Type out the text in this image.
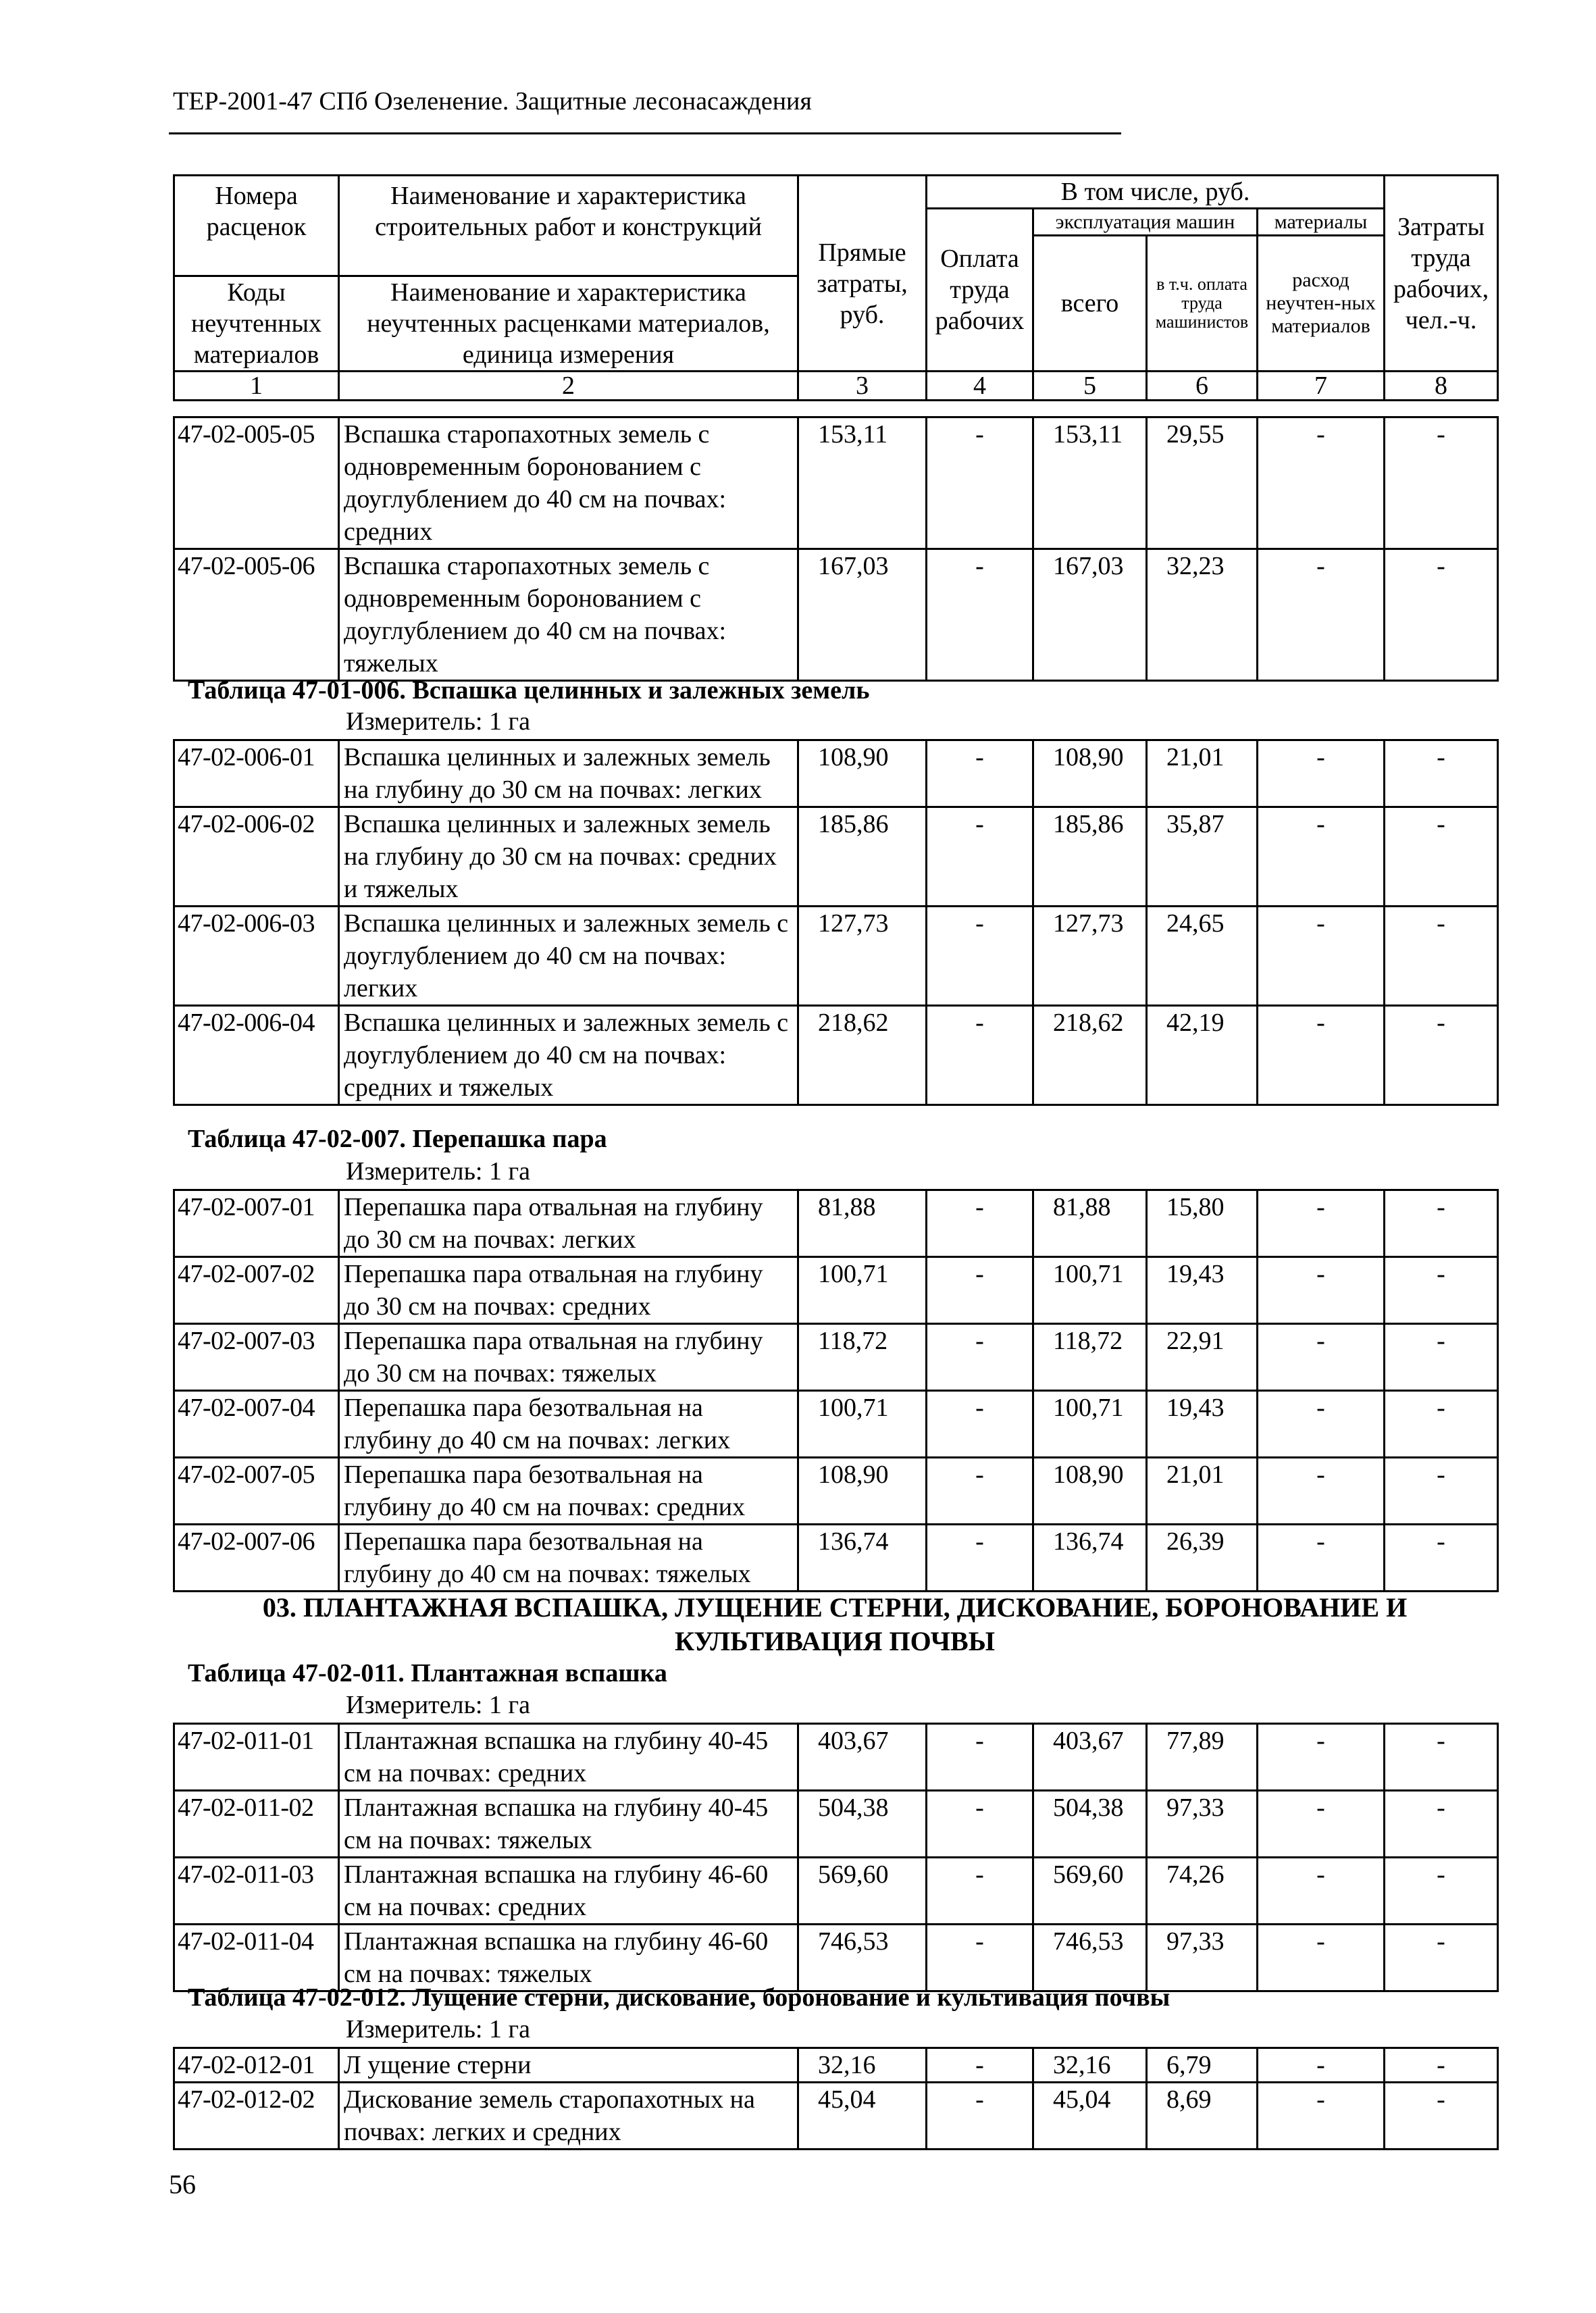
ТЕР-2001-47 СПб Озеленение. Защитные лесонасаждения
Номера расценок	Наименование и характеристика строительных работ и конструкций	Прямые затраты, руб.	В том числе, руб.				Затраты труда рабочих, чел.-ч.
			Оплата труда рабочих	эксплуатация машин		материалы	
				всего	в т.ч. оплата труда машинистов	расход неучтен-ных материалов	

Коды неучтенных материалов	Наименование и характеристика неучтенных расценками материалов, единица измерения						

1	2	3	4	5	6	7	8
47-02-005-05	Вспашка старопахотных земель с одновременным боронованием с доуглублением до 40 см на почвах: средних	153,11	-	153,11	29,55	-	-
47-02-005-06	Вспашка старопахотных земель с одновременным боронованием с доуглублением до 40 см на почвах: тяжелых	167,03	-	167,03	32,23	-	-
Таблица 47-01-006. Вспашка целинных и залежных земель
Измеритель: 1 га
47-02-006-01	Вспашка целинных и залежных земель на глубину до 30 см на почвах: легких	108,90	-	108,90	21,01	-	-
47-02-006-02	Вспашка целинных и залежных земель на глубину до 30 см на почвах: средних и тяжелых	185,86	-	185,86	35,87	-	-
47-02-006-03	Вспашка целинных и залежных земель с доуглублением до 40 см на почвах: легких	127,73	-	127,73	24,65	-	-
47-02-006-04	Вспашка целинных и залежных земель с доуглублением до 40 см на почвах: средних и тяжелых	218,62	-	218,62	42,19	-	-
Таблица 47-02-007. Перепашка пара
Измеритель: 1 га
47-02-007-01	Перепашка пара отвальная на глубину до 30 см на почвах: легких	81,88	-	81,88	15,80	-	-
47-02-007-02	Перепашка пара отвальная на глубину до 30 см на почвах: средних	100,71	-	100,71	19,43	-	-
47-02-007-03	Перепашка пара отвальная на глубину до 30 см на почвах: тяжелых	118,72	-	118,72	22,91	-	-
47-02-007-04	Перепашка пара безотвальная на глубину до 40 см на почвах: легких	100,71	-	100,71	19,43	-	-
47-02-007-05	Перепашка пара безотвальная на глубину до 40 см на почвах: средних	108,90	-	108,90	21,01	-	-
47-02-007-06	Перепашка пара безотвальная на глубину до 40 см на почвах: тяжелых	136,74	-	136,74	26,39	-	-
03. ПЛАНТАЖНАЯ ВСПАШКА, ЛУЩЕНИЕ СТЕРНИ, ДИСКОВАНИЕ, БОРОНОВАНИЕ И КУЛЬТИВАЦИЯ ПОЧВЫ
Таблица 47-02-011. Плантажная вспашка
Измеритель: 1 га
47-02-011-01	Плантажная вспашка на глубину 40-45 см на почвах: средних	403,67	-	403,67	77,89	-	-
47-02-011-02	Плантажная вспашка на глубину 40-45 см на почвах: тяжелых	504,38	-	504,38	97,33	-	-
47-02-011-03	Плантажная вспашка на глубину 46-60 см на почвах: средних	569,60	-	569,60	74,26	-	-
47-02-011-04	Плантажная вспашка на глубину 46-60 см на почвах: тяжелых	746,53	-	746,53	97,33	-	-
Таблица 47-02-012. Лущение стерни, дискование, боронование и культивация почвы
Измеритель: 1 га
47-02-012-01	Л ущение стерни	32,16	-	32,16	6,79	-	-
47-02-012-02	Дискование земель старопахотных на почвах: легких и средних	45,04	-	45,04	8,69	-	-
56
